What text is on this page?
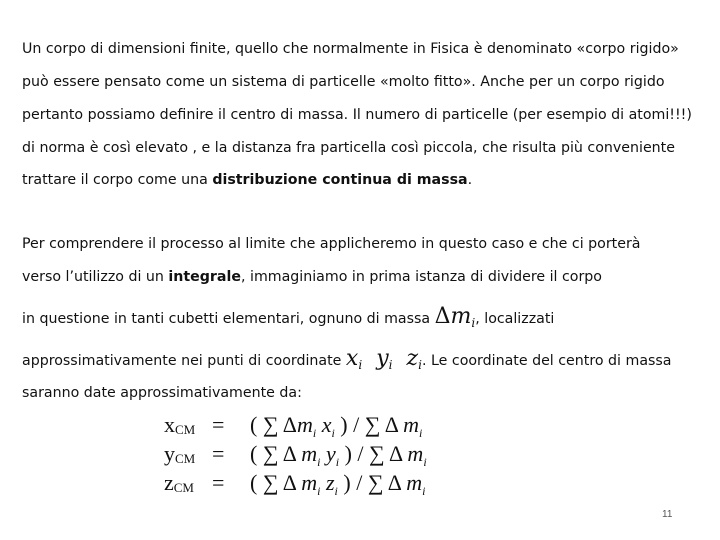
Un corpo di dimensioni finite, quello che normalmente in Fisica è denominato «corpo rigido»
può essere pensato come un sistema di particelle «molto fitto». Anche per un corpo rigido
pertanto possiamo definire il centro di massa. Il numero di particelle (per esempio di atomi!!!)
di norma è così elevato , e la distanza fra particella così piccola, che risulta più conveniente
trattare il corpo come una distribuzione continua di massa.
Per comprendere il processo al limite che applicheremo in questo caso e che ci porterà
verso l’utilizzo di un integrale, immaginiamo in prima istanza di dividere il corpo
in questione in tanti cubetti elementari, ognuno di massa $\Delta m_i$, localizzati
approssimativamente nei punti di coordinate $x_i$ $y_i$ $z_i$. Le coordinate del centro di massa
saranno date approssimativamente da:
xCM = ( ∑ $\Delta m_i$ $x_i$ ) / ∑ Δ $m_i$
yCM = ( ∑ Δ $m_i$ $y_i$ ) / ∑ Δ $m_i$
zCM = ( ∑ Δ $m_i$ $z_i$ ) / ∑ Δ $m_i$
11
